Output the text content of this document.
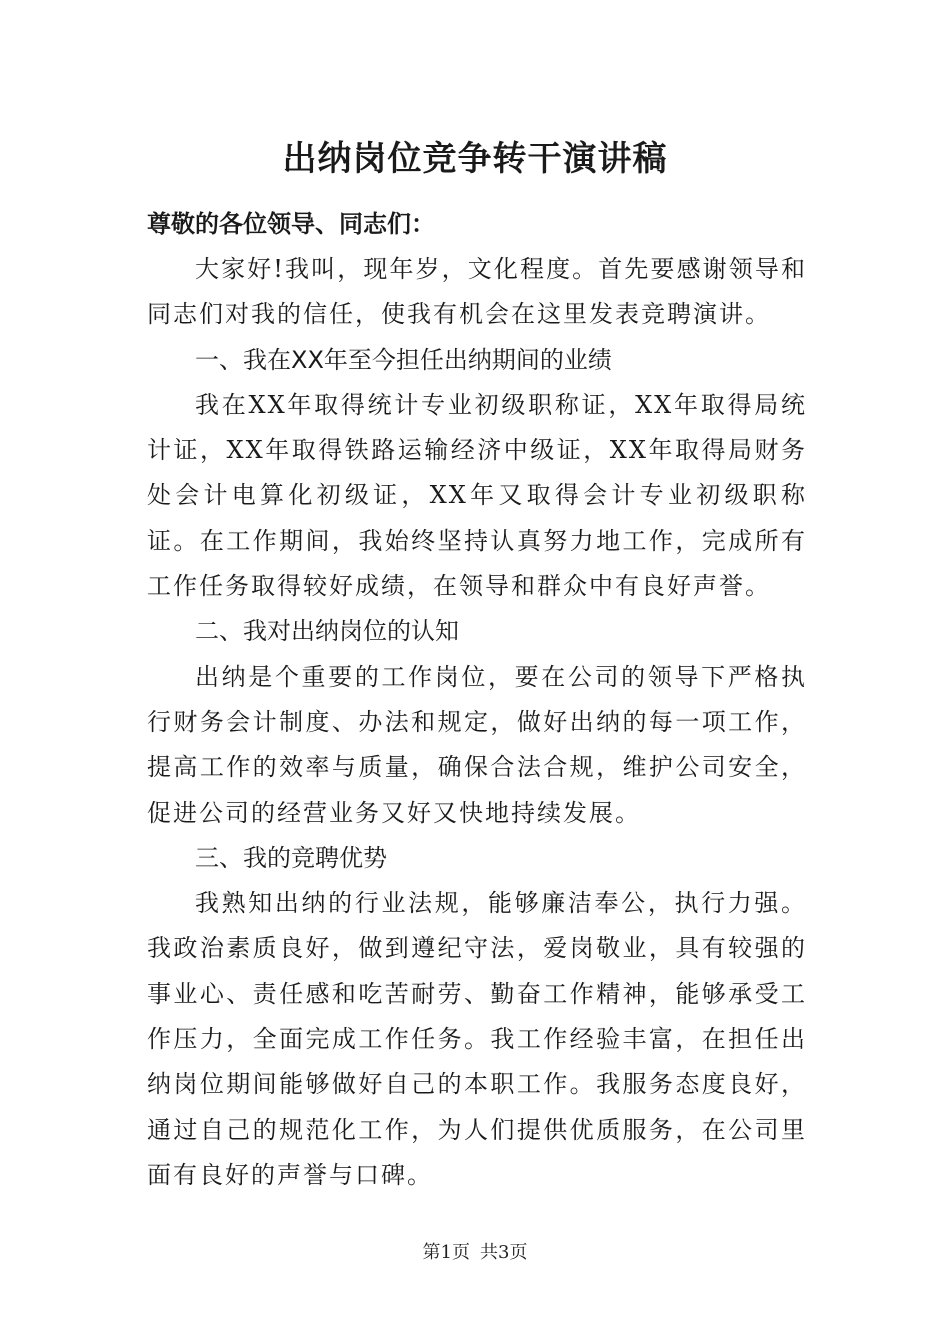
出纳岗位竞争转干演讲稿

尊敬的各位领导、同志们：

大家好!我叫，现年岁，文化程度。首先要感谢领导和同志们对我的信任，使我有机会在这里发表竞聘演讲。

一、我在XX年至今担任出纳期间的业绩

我在XX年取得统计专业初级职称证，XX年取得局统计证，XX年取得铁路运输经济中级证，XX年取得局财务处会计电算化初级证，XX年又取得会计专业初级职称证。在工作期间，我始终坚持认真努力地工作，完成所有工作任务取得较好成绩，在领导和群众中有良好声誉。

二、我对出纳岗位的认知

出纳是个重要的工作岗位，要在公司的领导下严格执行财务会计制度、办法和规定，做好出纳的每一项工作，提高工作的效率与质量，确保合法合规，维护公司安全，促进公司的经营业务又好又快地持续发展。

三、我的竞聘优势

我熟知出纳的行业法规，能够廉洁奉公，执行力强。我政治素质良好，做到遵纪守法，爱岗敬业，具有较强的事业心、责任感和吃苦耐劳、勤奋工作精神，能够承受工作压力，全面完成工作任务。我工作经验丰富，在担任出纳岗位期间能够做好自己的本职工作。我服务态度良好，通过自己的规范化工作，为人们提供优质服务，在公司里面有良好的声誉与口碑。

第1页 共3页
